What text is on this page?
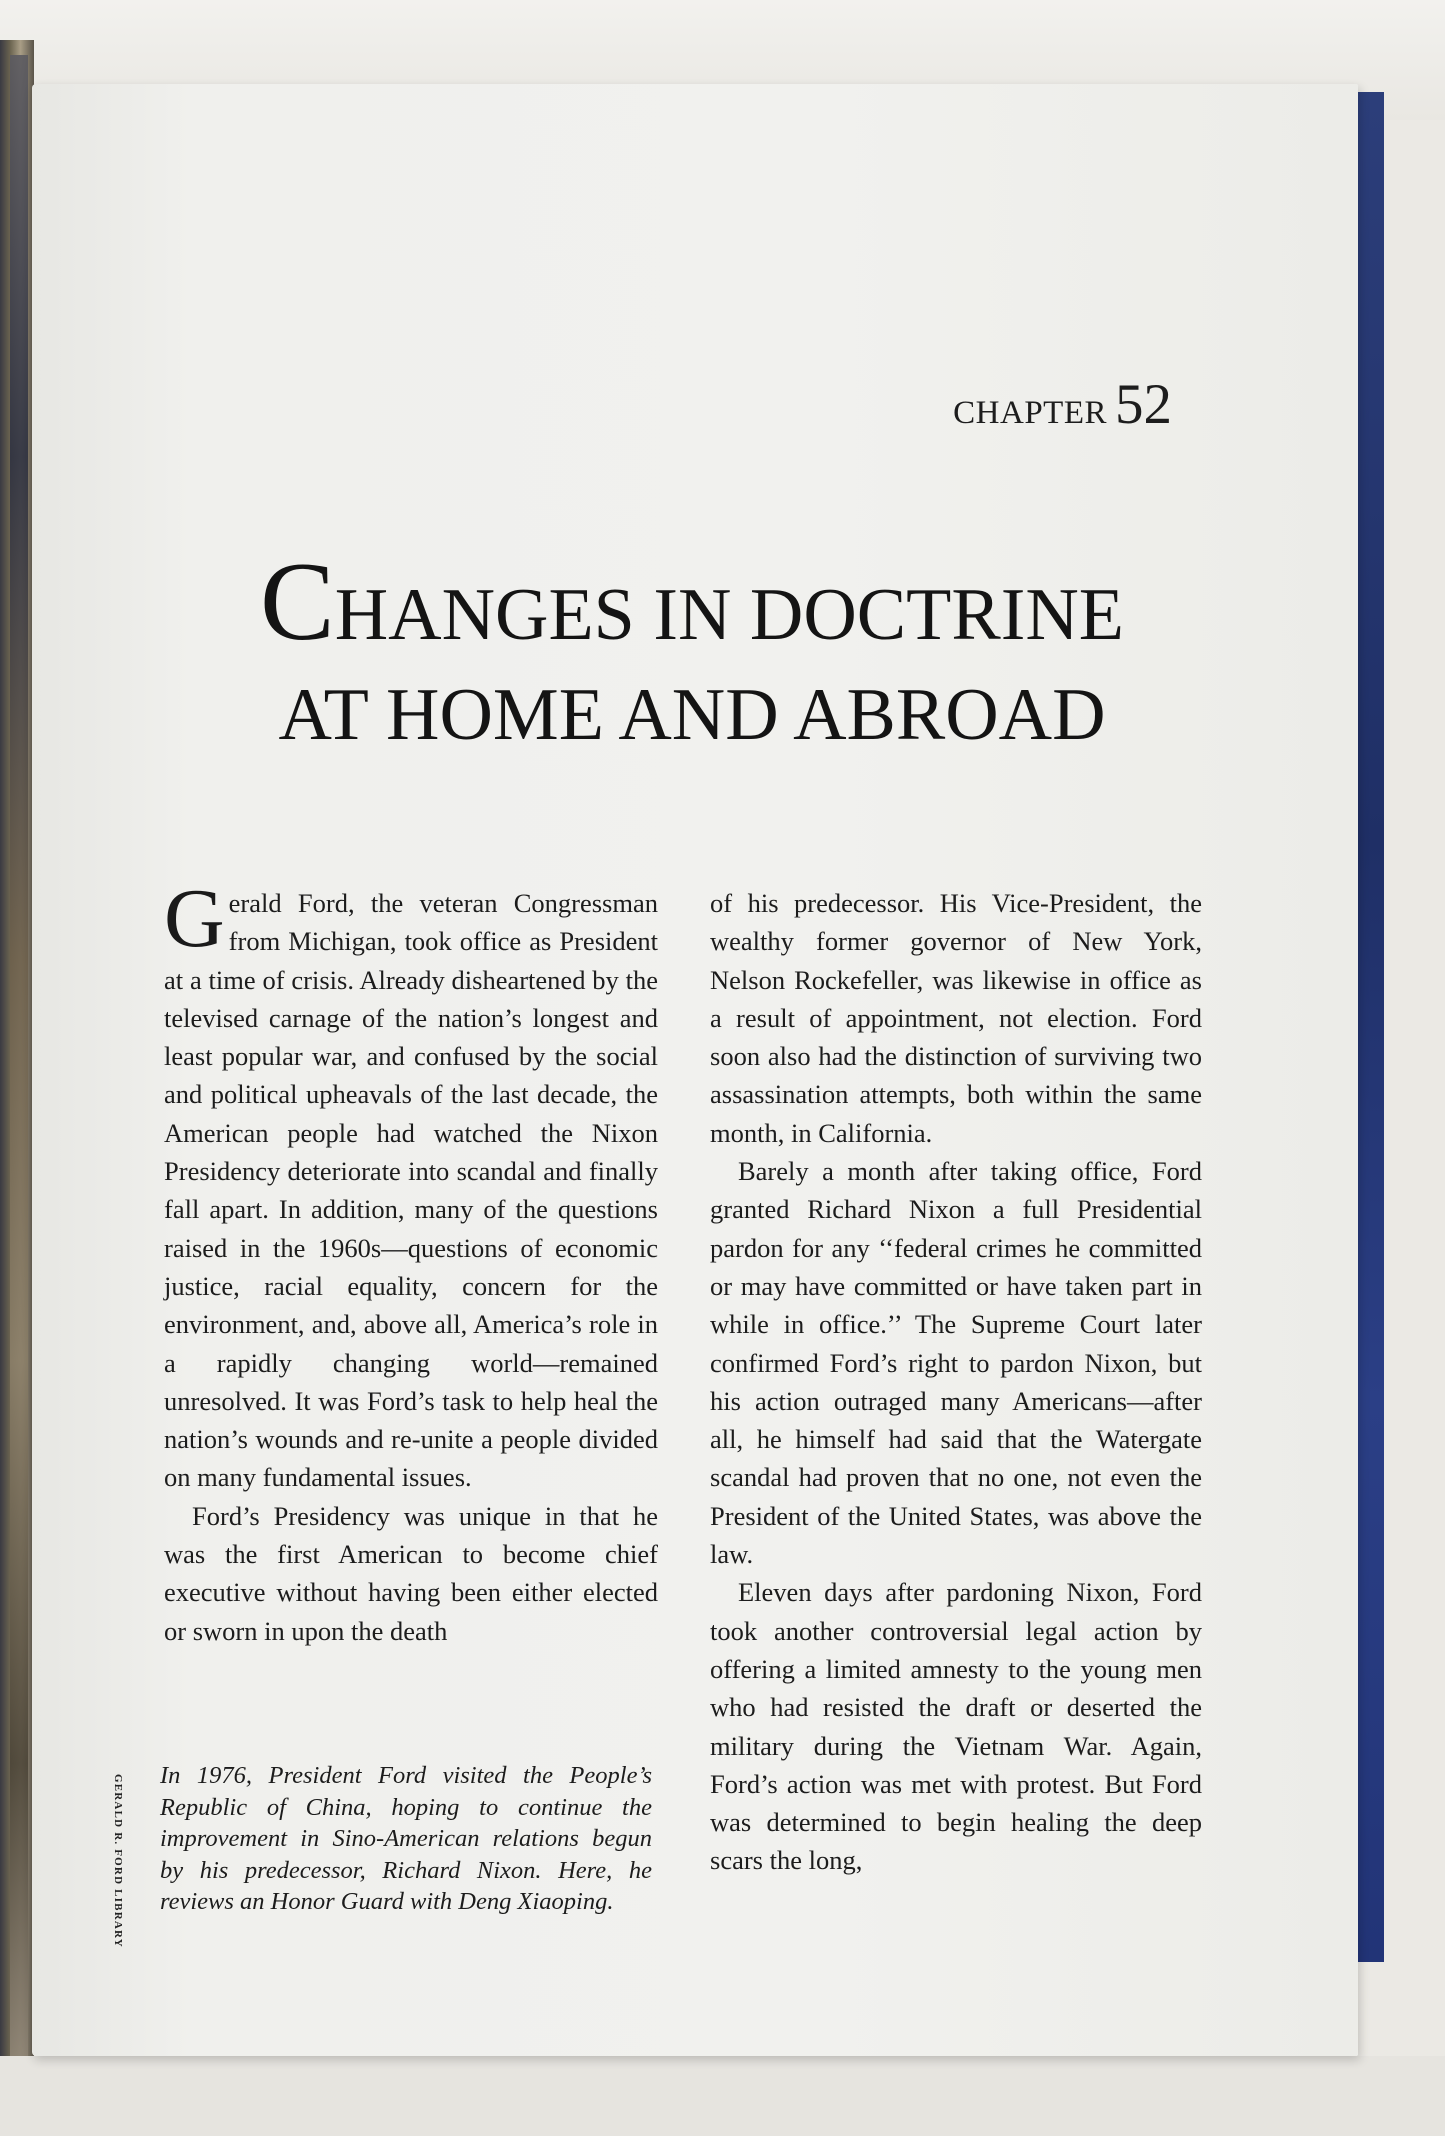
CHAPTER 52
CHANGES IN DOCTRINE
AT HOME AND ABROAD

Gerald Ford, the veteran Congressman from Michigan, took office as President at a time of crisis. Already disheartened by the televised carnage of the nation’s longest and least popular war, and confused by the social and political upheavals of the last decade, the American people had watched the Nixon Presidency deteriorate into scandal and finally fall apart. In addition, many of the questions raised in the 1960s—questions of economic justice, racial equality, concern for the environment, and, above all, America’s role in a rapidly changing world—remained unresolved. It was Ford’s task to help heal the nation’s wounds and re-unite a people divided on many fundamental issues.

Ford’s Presidency was unique in that he was the first American to become chief executive without having been either elected or sworn in upon the death

of his predecessor. His Vice-President, the wealthy former governor of New York, Nelson Rockefeller, was likewise in office as a result of appointment, not election. Ford soon also had the distinction of surviving two assassination attempts, both within the same month, in California.

Barely a month after taking office, Ford granted Richard Nixon a full Presidential pardon for any ‘‘federal crimes he committed or may have committed or have taken part in while in office.’’ The Supreme Court later confirmed Ford’s right to pardon Nixon, but his action outraged many Americans—after all, he himself had said that the Watergate scandal had proven that no one, not even the President of the United States, was above the law.

Eleven days after pardoning Nixon, Ford took another controversial legal action by offering a limited amnesty to the young men who had resisted the draft or deserted the military during the Vietnam War. Again, Ford’s action was met with protest. But Ford was determined to begin healing the deep scars the long,

GERALD R. FORD LIBRARY In 1976, President Ford visited the People’s Republic of China, hoping to continue the improvement in Sino-American relations begun by his predecessor, Richard Nixon. Here, he reviews an Honor Guard with Deng Xiaoping.
